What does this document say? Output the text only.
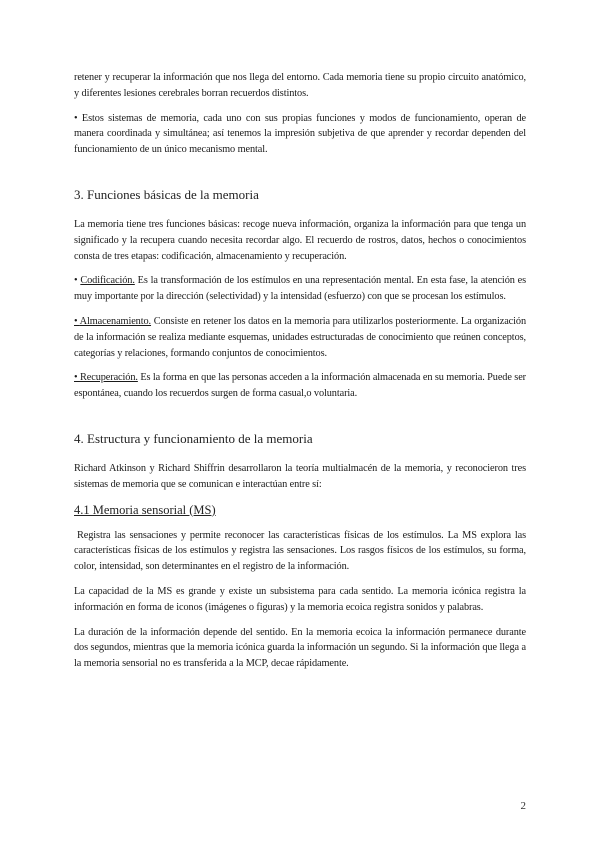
retener y recuperar la información que nos llega del entorno. Cada memoria tiene su propio circuito anatómico, y diferentes lesiones cerebrales borran recuerdos distintos.

• Estos sistemas de memoria, cada uno con sus propias funciones y modos de funcionamiento, operan de manera coordinada y simultánea; así tenemos la impresión subjetiva de que aprender y recordar dependen del funcionamiento de un único mecanismo mental.

3. Funciones básicas de la memoria

La memoria tiene tres funciones básicas: recoge nueva información, organiza la información para que tenga un significado y la recupera cuando necesita recordar algo. El recuerdo de rostros, datos, hechos o conocimientos consta de tres etapas: codificación, almacenamiento y recuperación.

• Codificación. Es la transformación de los estímulos en una representación mental. En esta fase, la atención es muy importante por la dirección (selectividad) y la intensidad (esfuerzo) con que se procesan los estímulos.

• Almacenamiento. Consiste en retener los datos en la memoria para utilizarlos posteriormente. La organización de la información se realiza mediante esquemas, unidades estructuradas de conocimiento que reúnen conceptos, categorías y relaciones, formando conjuntos de conocimientos.

• Recuperación. Es la forma en que las personas acceden a la información almacenada en su memoria. Puede ser espontánea, cuando los recuerdos surgen de forma casual,o voluntaria.

4. Estructura y funcionamiento de la memoria

Richard Atkinson y Richard Shiffrin desarrollaron la teoría multialmacén de la memoria, y reconocieron tres sistemas de memoria que se comunican e interactúan entre sí:

4.1 Memoria sensorial (MS)

Registra las sensaciones y permite reconocer las características físicas de los estímulos. La MS explora las características físicas de los estímulos y registra las sensaciones. Los rasgos físicos de los estímulos, su forma, color, intensidad, son determinantes en el registro de la información.

La capacidad de la MS es grande y existe un subsistema para cada sentido. La memoria icónica registra la información en forma de iconos (imágenes o figuras) y la memoria ecoica registra sonidos y palabras.

La duración de la información depende del sentido. En la memoria ecoica la información permanece durante dos segundos, mientras que la memoria icónica guarda la información un segundo. Si la información que llega a la memoria sensorial no es transferida a la MCP, decae rápidamente.

2
